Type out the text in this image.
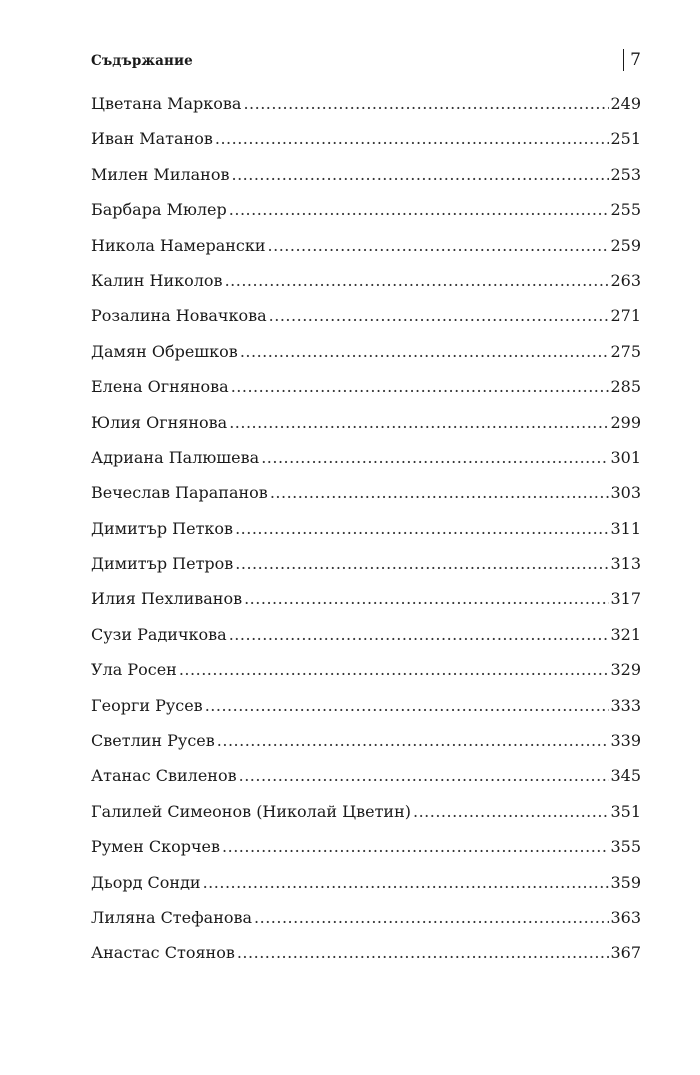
Съдържание	7
Цветана Маркова .....	249
Иван Матанов .....	251
Милен Миланов .....	253
Барбара Мюлер .....	255
Никола Намерански .....	259
Калин Николов .....	263
Розалина Новачкова .....	271
Дамян Обрешков .....	275
Елена Огнянова .....	285
Юлия Огнянова .....	299
Адриана Палюшева .....	301
Вечеслав Парапанов .....	303
Димитър Петков .....	311
Димитър Петров .....	313
Илия Пехливанов .....	317
Сузи Радичкова .....	321
Ула Росен .....	329
Георги Русев .....	333
Светлин Русев .....	339
Атанас Свиленов .....	345
Галилей Симеонов (Николай Цветин) .....	351
Румен Скорчев .....	355
Дьорд Сонди .....	359
Лиляна Стефанова .....	363
Анастас Стоянов .....	367
